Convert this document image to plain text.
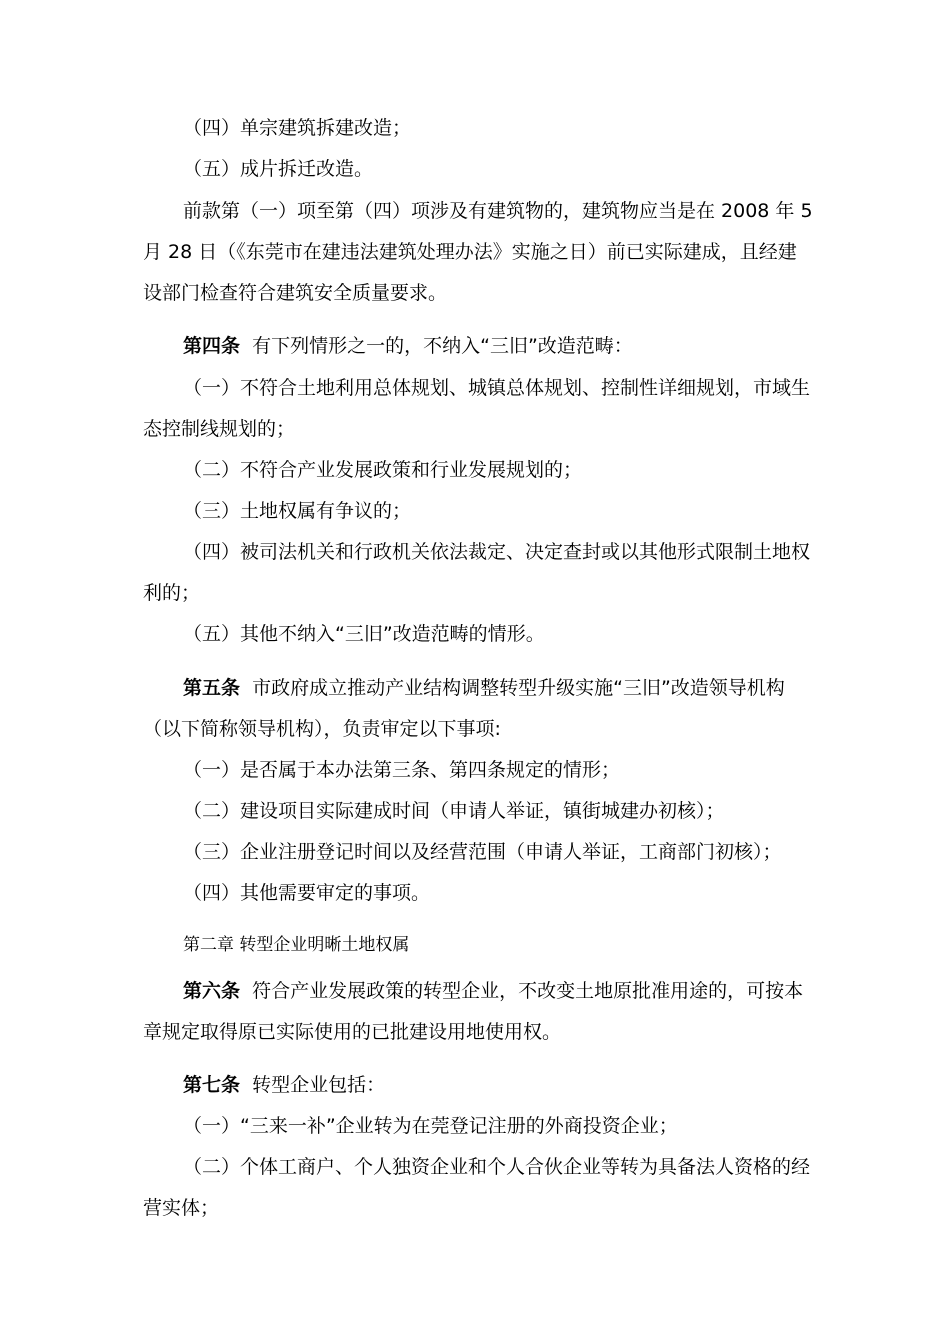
（四）单宗建筑拆建改造；
（五）成片拆迁改造。
前款第（一）项至第（四）项涉及有建筑物的，建筑物应当是在 2008 年 5
月 28 日（《东莞市在建违法建筑处理办法》实施之日）前已实际建成，且经建
设部门检查符合建筑安全质量要求。
第四条 有下列情形之一的，不纳入“三旧”改造范畴：
（一）不符合土地利用总体规划、城镇总体规划、控制性详细规划，市域生
态控制线规划的；
（二）不符合产业发展政策和行业发展规划的；
（三）土地权属有争议的；
（四）被司法机关和行政机关依法裁定、决定查封或以其他形式限制土地权
利的；
（五）其他不纳入“三旧”改造范畴的情形。
第五条 市政府成立推动产业结构调整转型升级实施“三旧”改造领导机构
（以下简称领导机构），负责审定以下事项:
（一）是否属于本办法第三条、第四条规定的情形；
（二）建设项目实际建成时间（申请人举证，镇街城建办初核）；
（三）企业注册登记时间以及经营范围（申请人举证，工商部门初核）；
（四）其他需要审定的事项。
第二章 转型企业明晰土地权属
第六条 符合产业发展政策的转型企业，不改变土地原批准用途的，可按本
章规定取得原已实际使用的已批建设用地使用权。
第七条 转型企业包括：
（一）“三来一补”企业转为在莞登记注册的外商投资企业；
（二）个体工商户、个人独资企业和个人合伙企业等转为具备法人资格的经
营实体；
